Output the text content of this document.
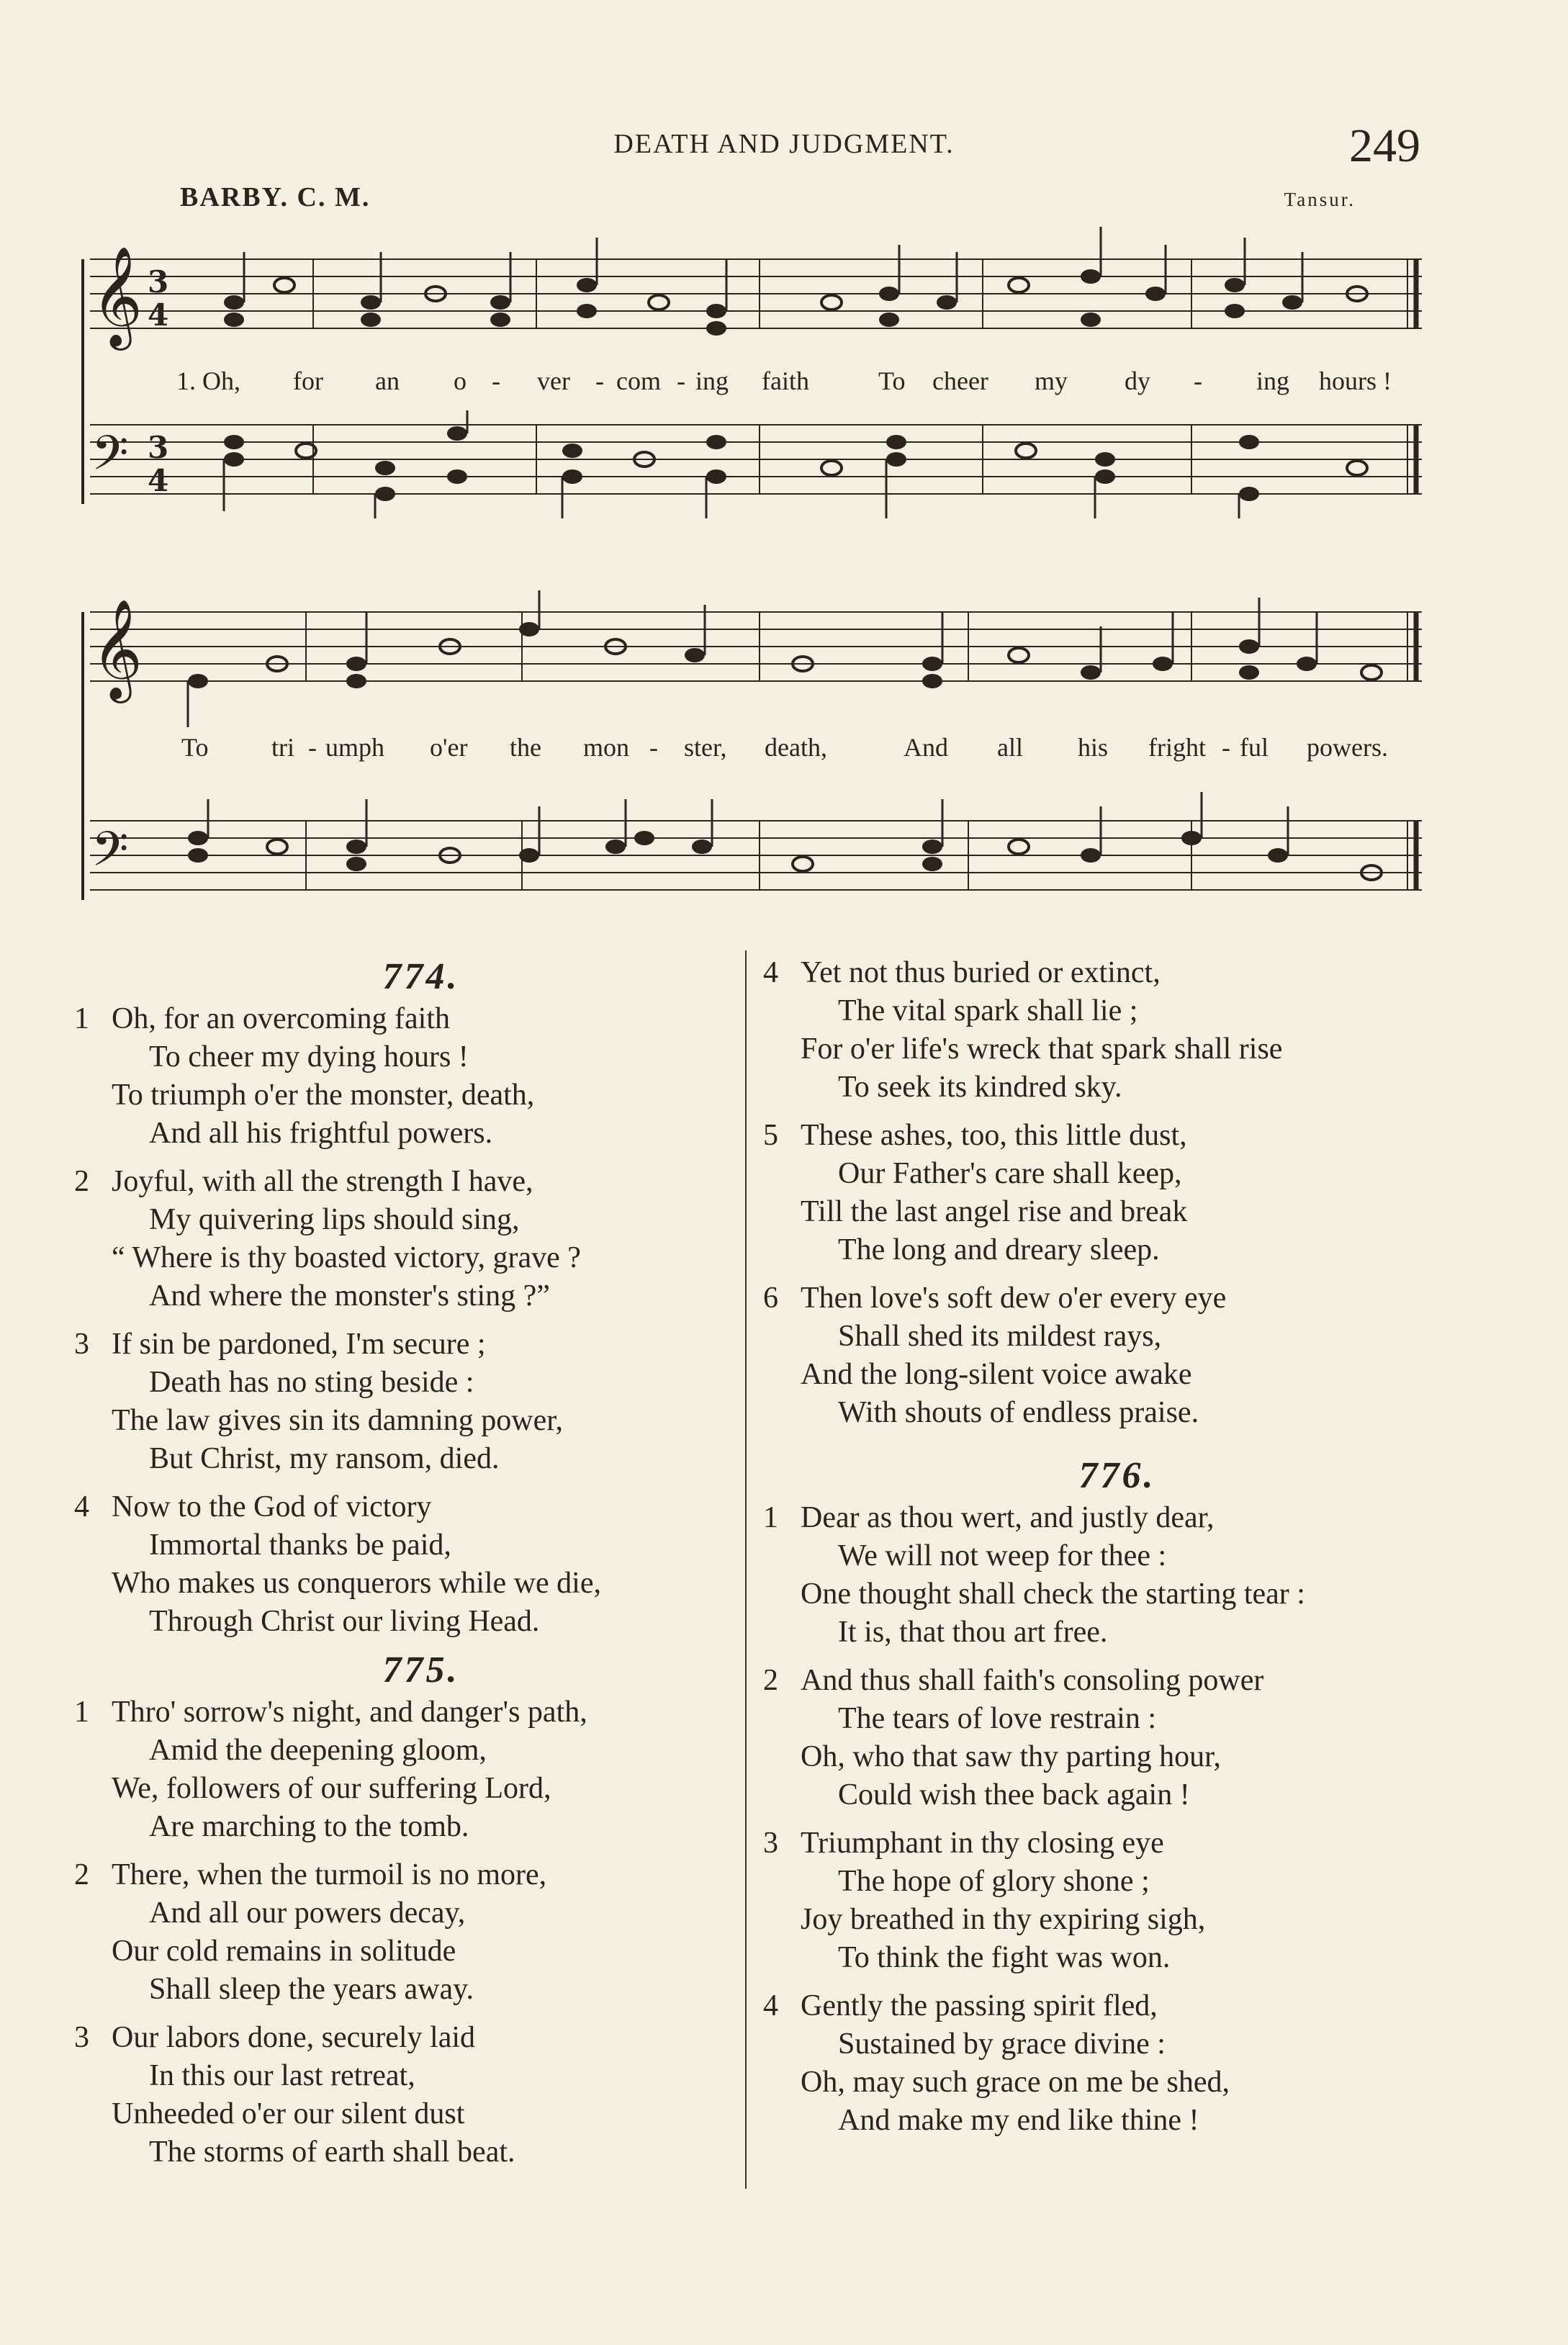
DEATH AND JUDGMENT.	249
BARBY. C. M.	Tansur.
𝄞 3
4
𝄢 3
4
1. Oh, for an o - ver - com - ing faith	To cheer my dy - ing hours !
𝄞
𝄢
To tri - umph o'er the mon - ster, death,	And all his fright - ful powers.
774.
1 Oh, for an overcoming faith
To cheer my dying hours !
To triumph o'er the monster, death,
And all his frightful powers.
2 Joyful, with all the strength I have,
My quivering lips should sing,
“ Where is thy boasted victory, grave ?
And where the monster's sting ?”
3 If sin be pardoned, I'm secure ;
Death has no sting beside :
The law gives sin its damning power,
But Christ, my ransom, died.
4 Now to the God of victory
Immortal thanks be paid,
Who makes us conquerors while we die,
Through Christ our living Head.
775.
1 Thro' sorrow's night, and danger's path,
Amid the deepening gloom,
We, followers of our suffering Lord,
Are marching to the tomb.
2 There, when the turmoil is no more,
And all our powers decay,
Our cold remains in solitude
Shall sleep the years away.
3 Our labors done, securely laid
In this our last retreat,
Unheeded o'er our silent dust
The storms of earth shall beat.
4 Yet not thus buried or extinct,
The vital spark shall lie ;
For o'er life's wreck that spark shall rise
To seek its kindred sky.
5 These ashes, too, this little dust,
Our Father's care shall keep,
Till the last angel rise and break
The long and dreary sleep.
6 Then love's soft dew o'er every eye
Shall shed its mildest rays,
And the long-silent voice awake
With shouts of endless praise.
776.
1 Dear as thou wert, and justly dear,
We will not weep for thee :
One thought shall check the starting tear :
It is, that thou art free.
2 And thus shall faith's consoling power
The tears of love restrain :
Oh, who that saw thy parting hour,
Could wish thee back again !
3 Triumphant in thy closing eye
The hope of glory shone ;
Joy breathed in thy expiring sigh,
To think the fight was won.
4 Gently the passing spirit fled,
Sustained by grace divine :
Oh, may such grace on me be shed,
And make my end like thine !
